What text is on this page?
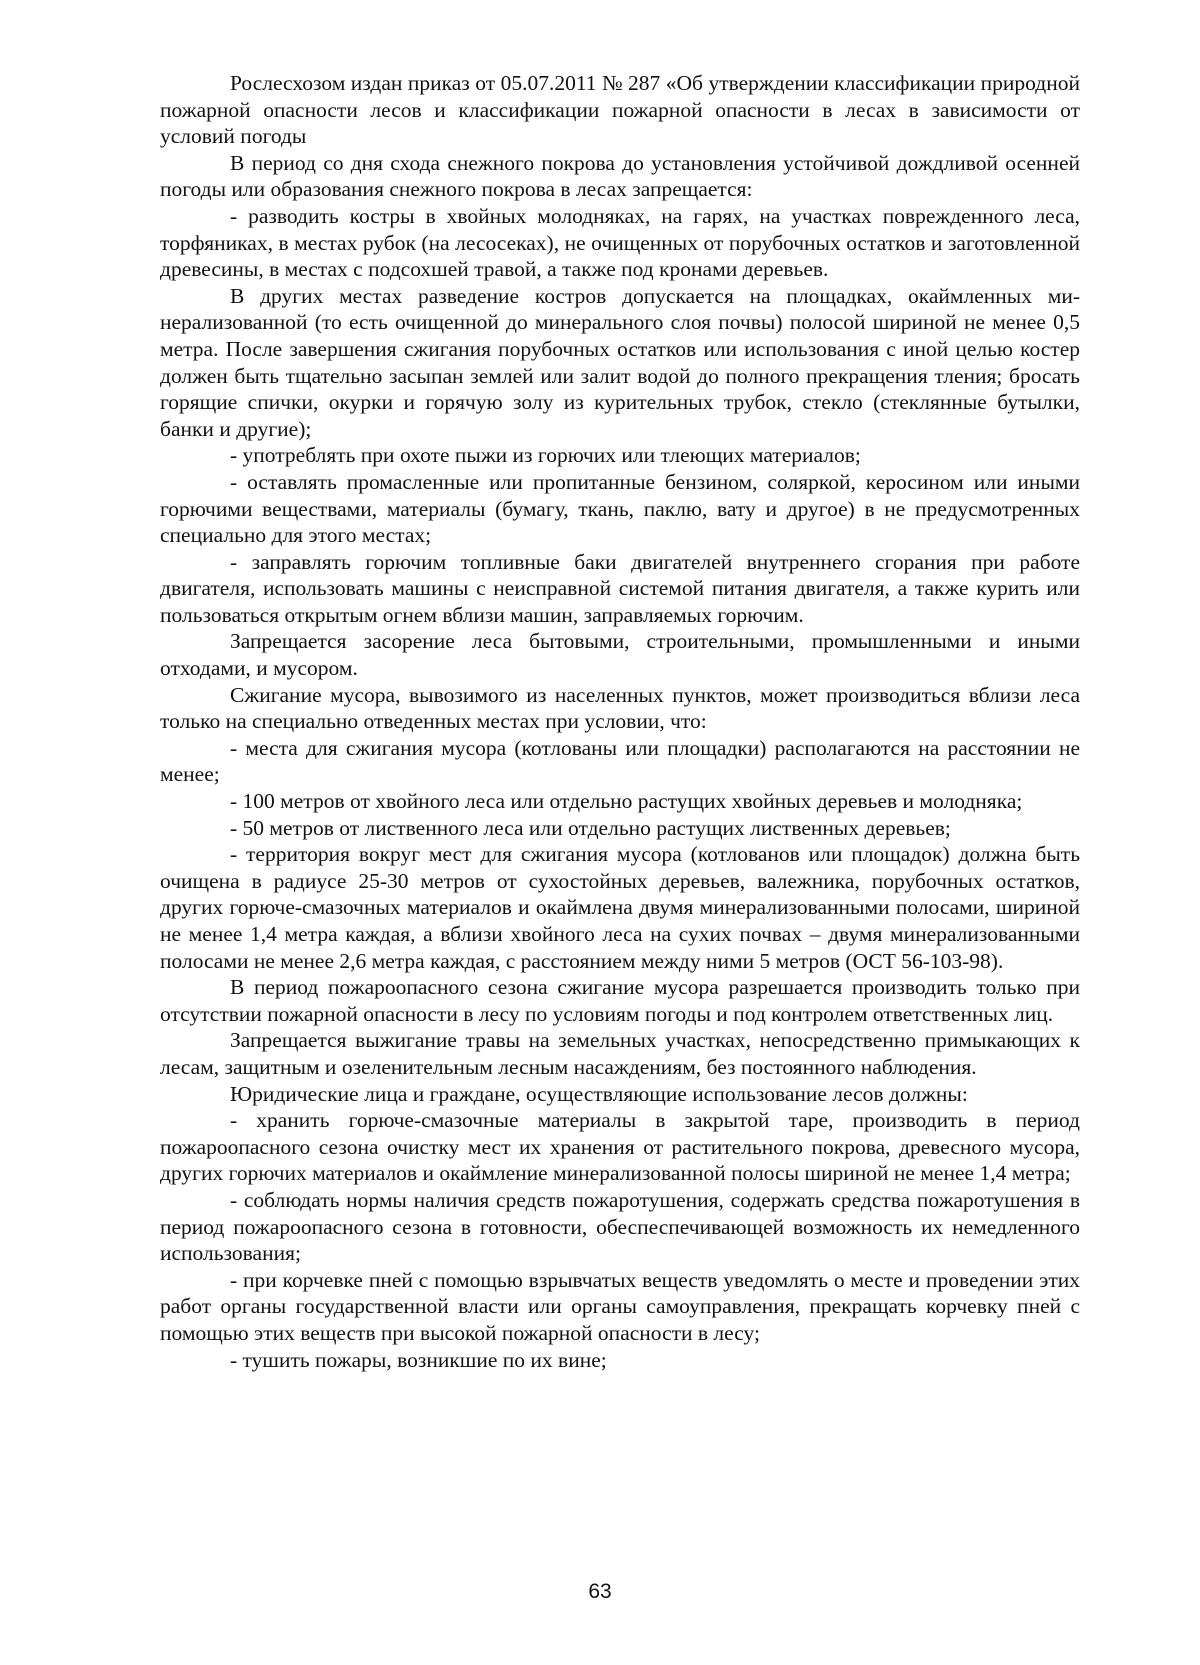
Рослесхозом издан приказ от 05.07.2011 № 287 «Об утверждении классификации природной пожарной опасности лесов и классификации пожарной опасности в лесах в зависимости от условий погоды

В период со дня схода снежного покрова до установления устойчивой дождливой осенней погоды или образования снежного покрова в лесах запрещается:

- разводить костры в хвойных молодняках, на гарях, на участках поврежденного леса, торфяниках, в местах рубок (на лесосеках), не очищенных от порубочных остатков и заготовленной древесины, в местах с подсохшей травой, а также под кронами деревьев.

В других местах разведение костров допускается на площадках, окаймленных минерализованной (то есть очищенной до минерального слоя почвы) полосой шириной не менее 0,5 метра. После завершения сжигания порубочных остатков или использования с иной целью костер должен быть тщательно засыпан землей или залит водой до полного прекращения тления; бросать горящие спички, окурки и горячую золу из курительных трубок, стекло (стеклянные бутылки, банки и другие);

- употреблять при охоте пыжи из горючих или тлеющих материалов;

- оставлять промасленные или пропитанные бензином, соляркой, керосином или иными горючими веществами, материалы (бумагу, ткань, паклю, вату и другое) в не предусмотренных специально для этого местах;

- заправлять горючим топливные баки двигателей внутреннего сгорания при работе двигателя, использовать машины с неисправной системой питания двигателя, а также курить или пользоваться открытым огнем вблизи машин, заправляемых горючим.

Запрещается засорение леса бытовыми, строительными, промышленными и иными отходами, и мусором.

Сжигание мусора, вывозимого из населенных пунктов, может производиться вблизи леса только на специально отведенных местах при условии, что:

- места для сжигания мусора (котлованы или площадки) располагаются на расстоянии не менее;

- 100 метров от хвойного леса или отдельно растущих хвойных деревьев и молодняка;

- 50 метров от лиственного леса или отдельно растущих лиственных деревьев;

- территория вокруг мест для сжигания мусора (котлованов или площадок) должна быть очищена в радиусе 25-30 метров от сухостойных деревьев, валежника, порубочных остатков, других горюче-смазочных материалов и окаймлена двумя минерализованными полосами, шириной не менее 1,4 метра каждая, а вблизи хвойного леса на сухих почвах – двумя минерализованными полосами не менее 2,6 метра каждая, с расстоянием между ними 5 метров (ОСТ 56-103-98).

В период пожароопасного сезона сжигание мусора разрешается производить только при отсутствии пожарной опасности в лесу по условиям погоды и под контролем ответственных лиц.

Запрещается выжигание травы на земельных участках, непосредственно примыкающих к лесам, защитным и озеленительным лесным насаждениям, без постоянного наблюдения.

Юридические лица и граждане, осуществляющие использование лесов должны:

- хранить горюче-смазочные материалы в закрытой таре, производить в период пожароопасного сезона очистку мест их хранения от растительного покрова, древесного мусора, других горючих материалов и окаймление минерализованной полосы шириной не менее 1,4 метра;

- соблюдать нормы наличия средств пожаротушения, содержать средства пожаротушения в период пожароопасного сезона в готовности, обеспеспечивающей возможность их немедленного использования;

- при корчевке пней с помощью взрывчатых веществ уведомлять о месте и проведении этих работ органы государственной власти или органы самоуправления, прекращать корчевку пней с помощью этих веществ при высокой пожарной опасности в лесу;

- тушить пожары, возникшие по их вине;

63
